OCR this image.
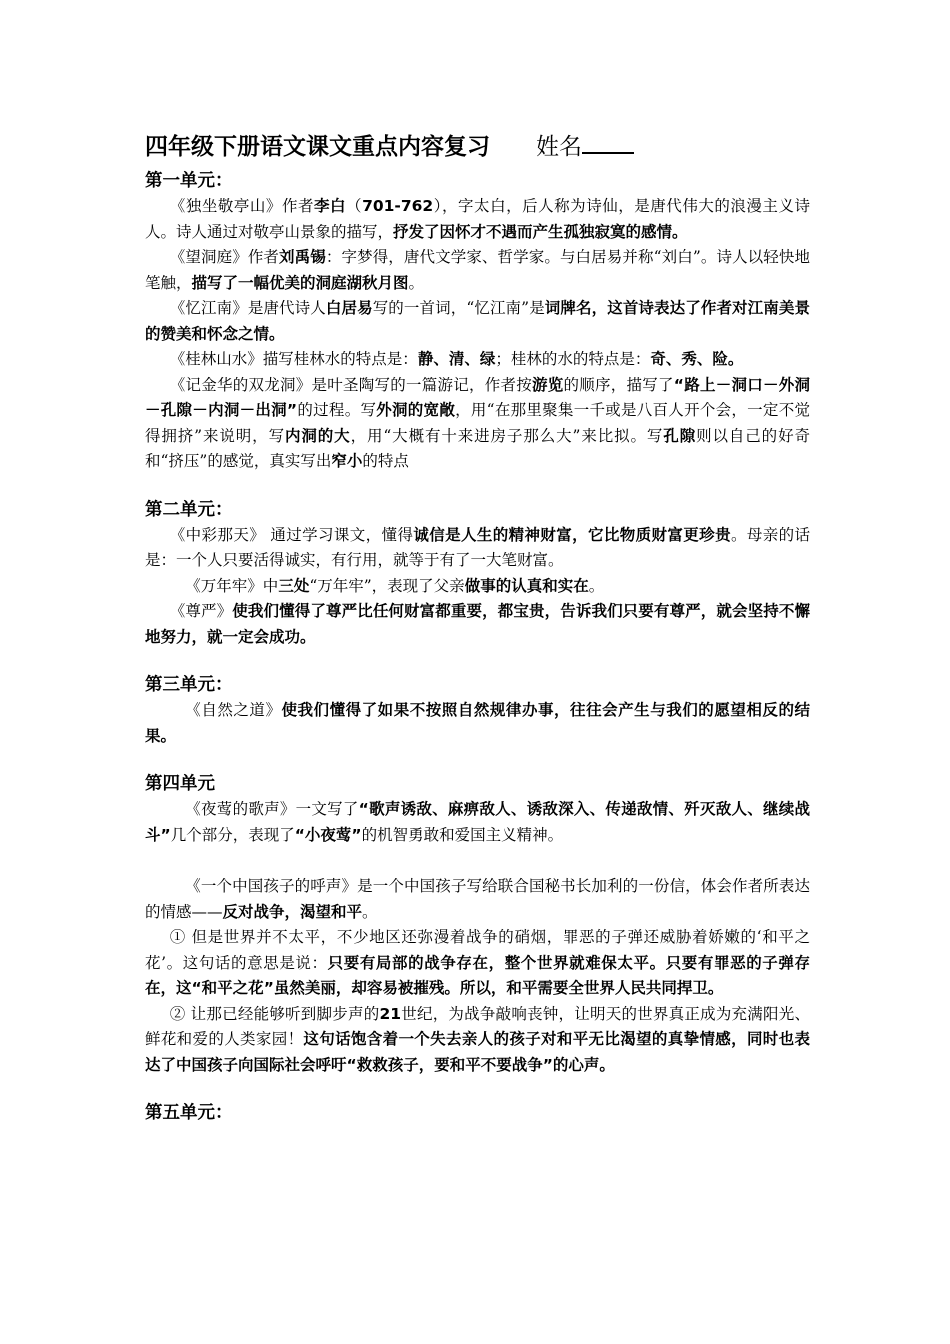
四年级下册语文课文重点内容复习 姓名
第一单元：

《独坐敬亭山》作者李白（701-762），字太白，后人称为诗仙，是唐代伟大的浪漫主义诗人。诗人通过对敬亭山景象的描写，抒发了因怀才不遇而产生孤独寂寞的感情。

《望洞庭》作者刘禹锡：字梦得，唐代文学家、哲学家。与白居易并称“刘白”。诗人以轻快地笔触，描写了一幅优美的洞庭湖秋月图。

《忆江南》是唐代诗人白居易写的一首词，“忆江南”是词牌名，这首诗表达了作者对江南美景的赞美和怀念之情。

《桂林山水》描写桂林水的特点是：静、清、绿；桂林的水的特点是：奇、秀、险。

《记金华的双龙洞》是叶圣陶写的一篇游记，作者按游览的顺序，描写了“路上－洞口－外洞－孔隙－内洞－出洞”的过程。写外洞的宽敞，用“在那里聚集一千或是八百人开个会，一定不觉得拥挤”来说明，写内洞的大，用“大概有十来进房子那么大”来比拟。写孔隙则以自己的好奇和“挤压”的感觉，真实写出窄小的特点

第二单元：

《中彩那天》 通过学习课文，懂得诚信是人生的精神财富，它比物质财富更珍贵。母亲的话是：一个人只要活得诚实，有行用，就等于有了一大笔财富。

《万年牢》中三处“万年牢”，表现了父亲做事的认真和实在。

《尊严》使我们懂得了尊严比任何财富都重要，都宝贵，告诉我们只要有尊严，就会坚持不懈地努力，就一定会成功。

第三单元：

《自然之道》使我们懂得了如果不按照自然规律办事，往往会产生与我们的愿望相反的结果。

第四单元

《夜莺的歌声》一文写了“歌声诱敌、麻痹敌人、诱敌深入、传递敌情、歼灭敌人、继续战斗”几个部分，表现了“小夜莺”的机智勇敢和爱国主义精神。

《一个中国孩子的呼声》是一个中国孩子写给联合国秘书长加利的一份信，体会作者所表达的情感——反对战争，渴望和平。

① 但是世界并不太平，不少地区还弥漫着战争的硝烟，罪恶的子弹还威胁着娇嫩的‘和平之花’。这句话的意思是说：只要有局部的战争存在，整个世界就难保太平。只要有罪恶的子弹存在，这“和平之花”虽然美丽，却容易被摧残。所以，和平需要全世界人民共同捍卫。

② 让那已经能够听到脚步声的21世纪，为战争敲响丧钟，让明天的世界真正成为充满阳光、鲜花和爱的人类家园！这句话饱含着一个失去亲人的孩子对和平无比渴望的真挚情感，同时也表达了中国孩子向国际社会呼吁“救救孩子，要和平不要战争”的心声。

第五单元：
